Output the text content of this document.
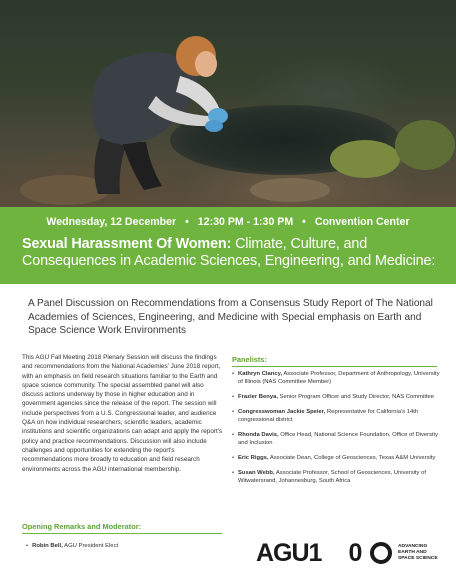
Wednesday, 12 December • 12:30 PM - 1:30 PM • Convention Center
Sexual Harassment Of Women: Climate, Culture, and Consequences in Academic Sciences, Engineering, and Medicine:
A Panel Discussion on Recommendations from a Consensus Study Report of The National Academies of Sciences, Engineering, and Medicine with Special emphasis on Earth and Space Science Work Environments
This AGU Fall Meeting 2018 Plenary Session will discuss the findings and recommendations from the National Academies' June 2018 report, with an emphasis on field research situations familiar to the Earth and space science community. The special assembled panel will also discuss actions underway by those in higher education and in government agencies since the release of the report. The session will include perspectives from a U.S. Congressional leader, and audience Q&A on how individual researchers, scientific leaders, academic institutions and scientific organizations can adapt and apply the report's policy and practice recommendations. Discussion will also include challenges and opportunities for extending the report's recommendations more broadly to education and field research environments across the AGU international membership.
Opening Remarks and Moderator:
• Robin Bell, AGU President Elect
Panelists:
• Kathryn Clancy, Associate Professor, Department of Anthropology, University of Illinois (NAS Committee Member)
• Frazier Benya, Senior Program Officer and Study Director, NAS Committee
• Congresswoman Jackie Speier, Representative for California's 14th congressional district
• Rhonda Davis, Office Head, National Science Foundation, Office of Diversity and Inclusion
• Eric Riggs, Associate Dean, College of Geosciences, Texas A&M University
• Susan Webb, Associate Professor, School of Geosciences, University of Witwatersrand, Johannesburg, South Africa
AGU1 0	ADVANCING
EARTH AND
SPACE SCIENCE
